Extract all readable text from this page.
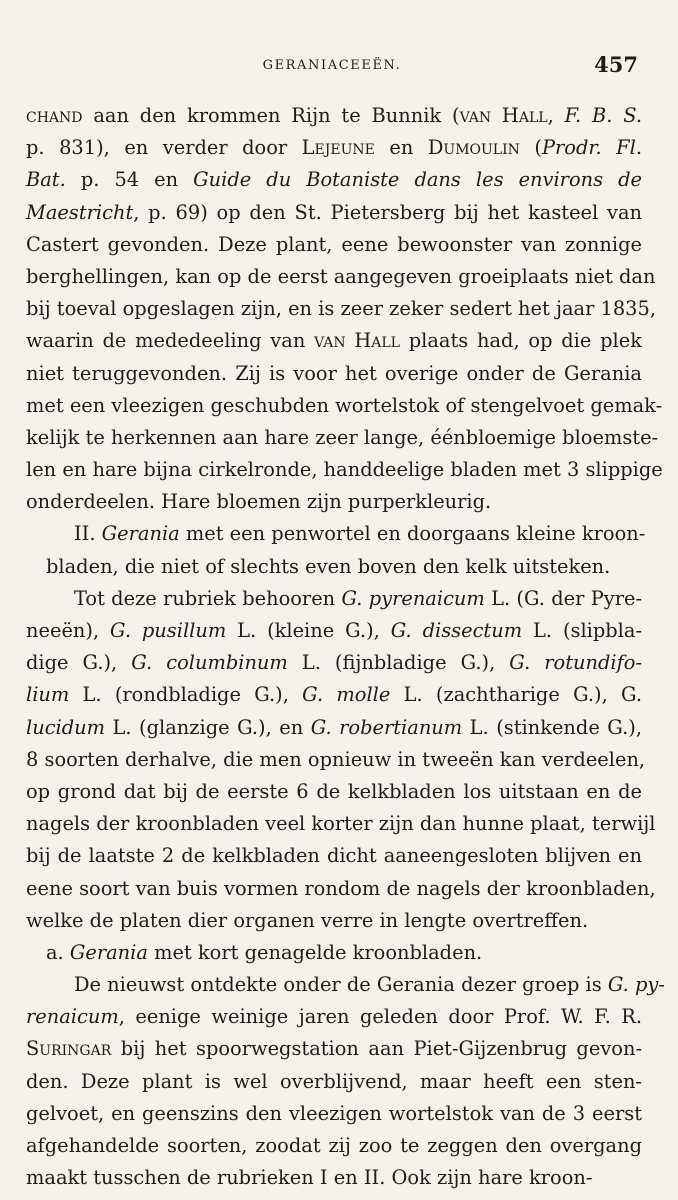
GERANIACEEËN.	457
chand aan den krommen Rijn te Bunnik (van Hall, F. B. S.
p. 831), en verder door Lejeune en Dumoulin (Prodr. Fl.
Bat. p. 54 en Guide du Botaniste dans les environs de
Maestricht, p. 69) op den St. Pietersberg bij het kasteel van
Castert gevonden. Deze plant, eene bewoonster van zonnige
berghellingen, kan op de eerst aangegeven groeiplaats niet dan
bij toeval opgeslagen zijn, en is zeer zeker sedert het jaar 1835,
waarin de mededeeling van van Hall plaats had, op die plek
niet teruggevonden. Zij is voor het overige onder de Gerania
met een vleezigen geschubden wortelstok of stengelvoet gemak-
kelijk te herkennen aan hare zeer lange, éénbloemige bloemste-
len en hare bijna cirkelronde, handdeelige bladen met 3 slippige
onderdeelen. Hare bloemen zijn purperkleurig.
II. Gerania met een penwortel en doorgaans kleine kroon-
bladen, die niet of slechts even boven den kelk uitsteken.
Tot deze rubriek behooren G. pyrenaicum L. (G. der Pyre-
neeën), G. pusillum L. (kleine G.), G. dissectum L. (slipbla-
dige G.), G. columbinum L. (fijnbladige G.), G. rotundifo-
lium L. (rondbladige G.), G. molle L. (zachtharige G.), G.
lucidum L. (glanzige G.), en G. robertianum L. (stinkende G.),
8 soorten derhalve, die men opnieuw in tweeën kan verdeelen,
op grond dat bij de eerste 6 de kelkbladen los uitstaan en de
nagels der kroonbladen veel korter zijn dan hunne plaat, terwijl
bij de laatste 2 de kelkbladen dicht aaneengesloten blijven en
eene soort van buis vormen rondom de nagels der kroonbladen,
welke de platen dier organen verre in lengte overtreffen.
a. Gerania met kort genagelde kroonbladen.
De nieuwst ontdekte onder de Gerania dezer groep is G. py-
renaicum, eenige weinige jaren geleden door Prof. W. F. R.
Suringar bij het spoorwegstation aan Piet-Gijzenbrug gevon-
den. Deze plant is wel overblijvend, maar heeft een sten-
gelvoet, en geenszins den vleezigen wortelstok van de 3 eerst
afgehandelde soorten, zoodat zij zoo te zeggen den overgang
maakt tusschen de rubrieken I en II. Ook zijn hare kroon-
